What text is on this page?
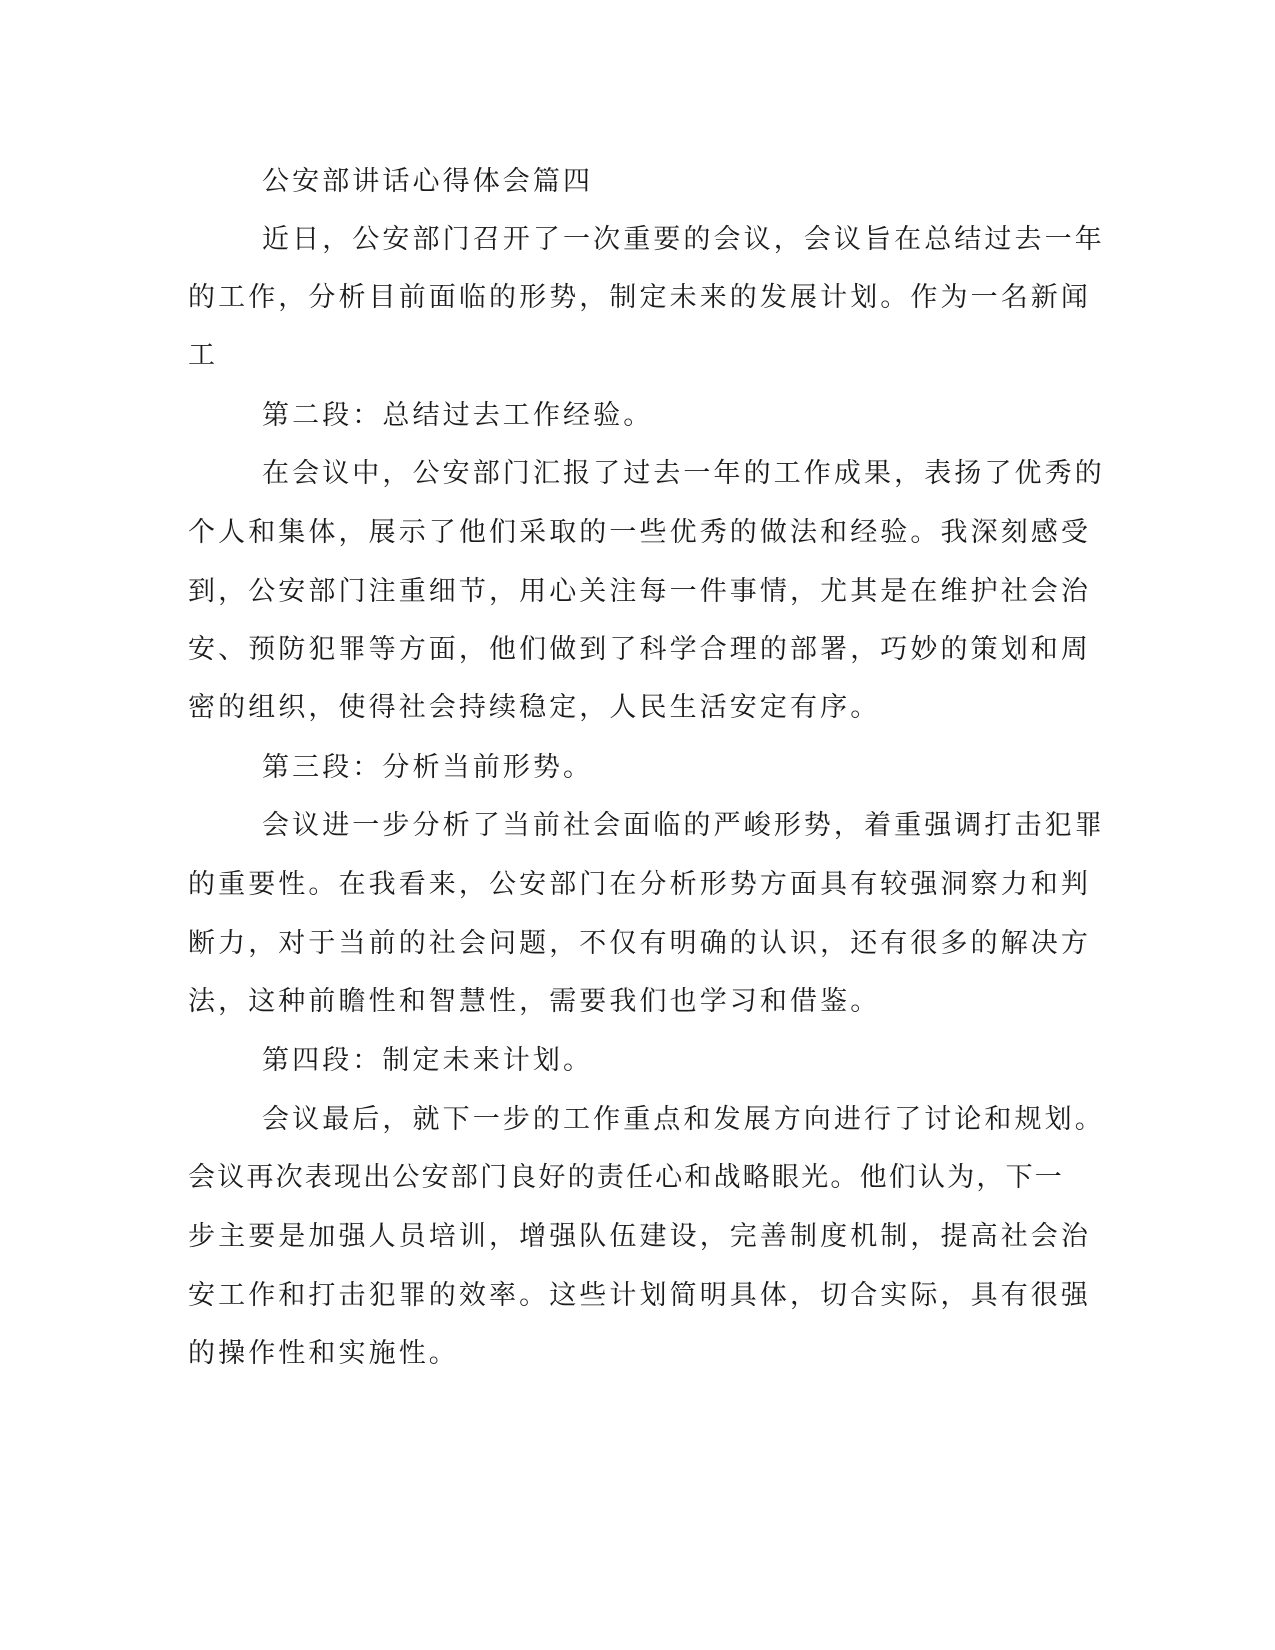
公安部讲话心得体会篇四
近日，公安部门召开了一次重要的会议，会议旨在总结过去一年
的工作，分析目前面临的形势，制定未来的发展计划。作为一名新闻
工
第二段：总结过去工作经验。
在会议中，公安部门汇报了过去一年的工作成果，表扬了优秀的
个人和集体，展示了他们采取的一些优秀的做法和经验。我深刻感受
到，公安部门注重细节，用心关注每一件事情，尤其是在维护社会治
安、预防犯罪等方面，他们做到了科学合理的部署，巧妙的策划和周
密的组织，使得社会持续稳定，人民生活安定有序。
第三段：分析当前形势。
会议进一步分析了当前社会面临的严峻形势，着重强调打击犯罪
的重要性。在我看来，公安部门在分析形势方面具有较强洞察力和判
断力，对于当前的社会问题，不仅有明确的认识，还有很多的解决方
法，这种前瞻性和智慧性，需要我们也学习和借鉴。
第四段：制定未来计划。
会议最后，就下一步的工作重点和发展方向进行了讨论和规划。
会议再次表现出公安部门良好的责任心和战略眼光。他们认为，下一
步主要是加强人员培训，增强队伍建设，完善制度机制，提高社会治
安工作和打击犯罪的效率。这些计划简明具体，切合实际，具有很强
的操作性和实施性。
